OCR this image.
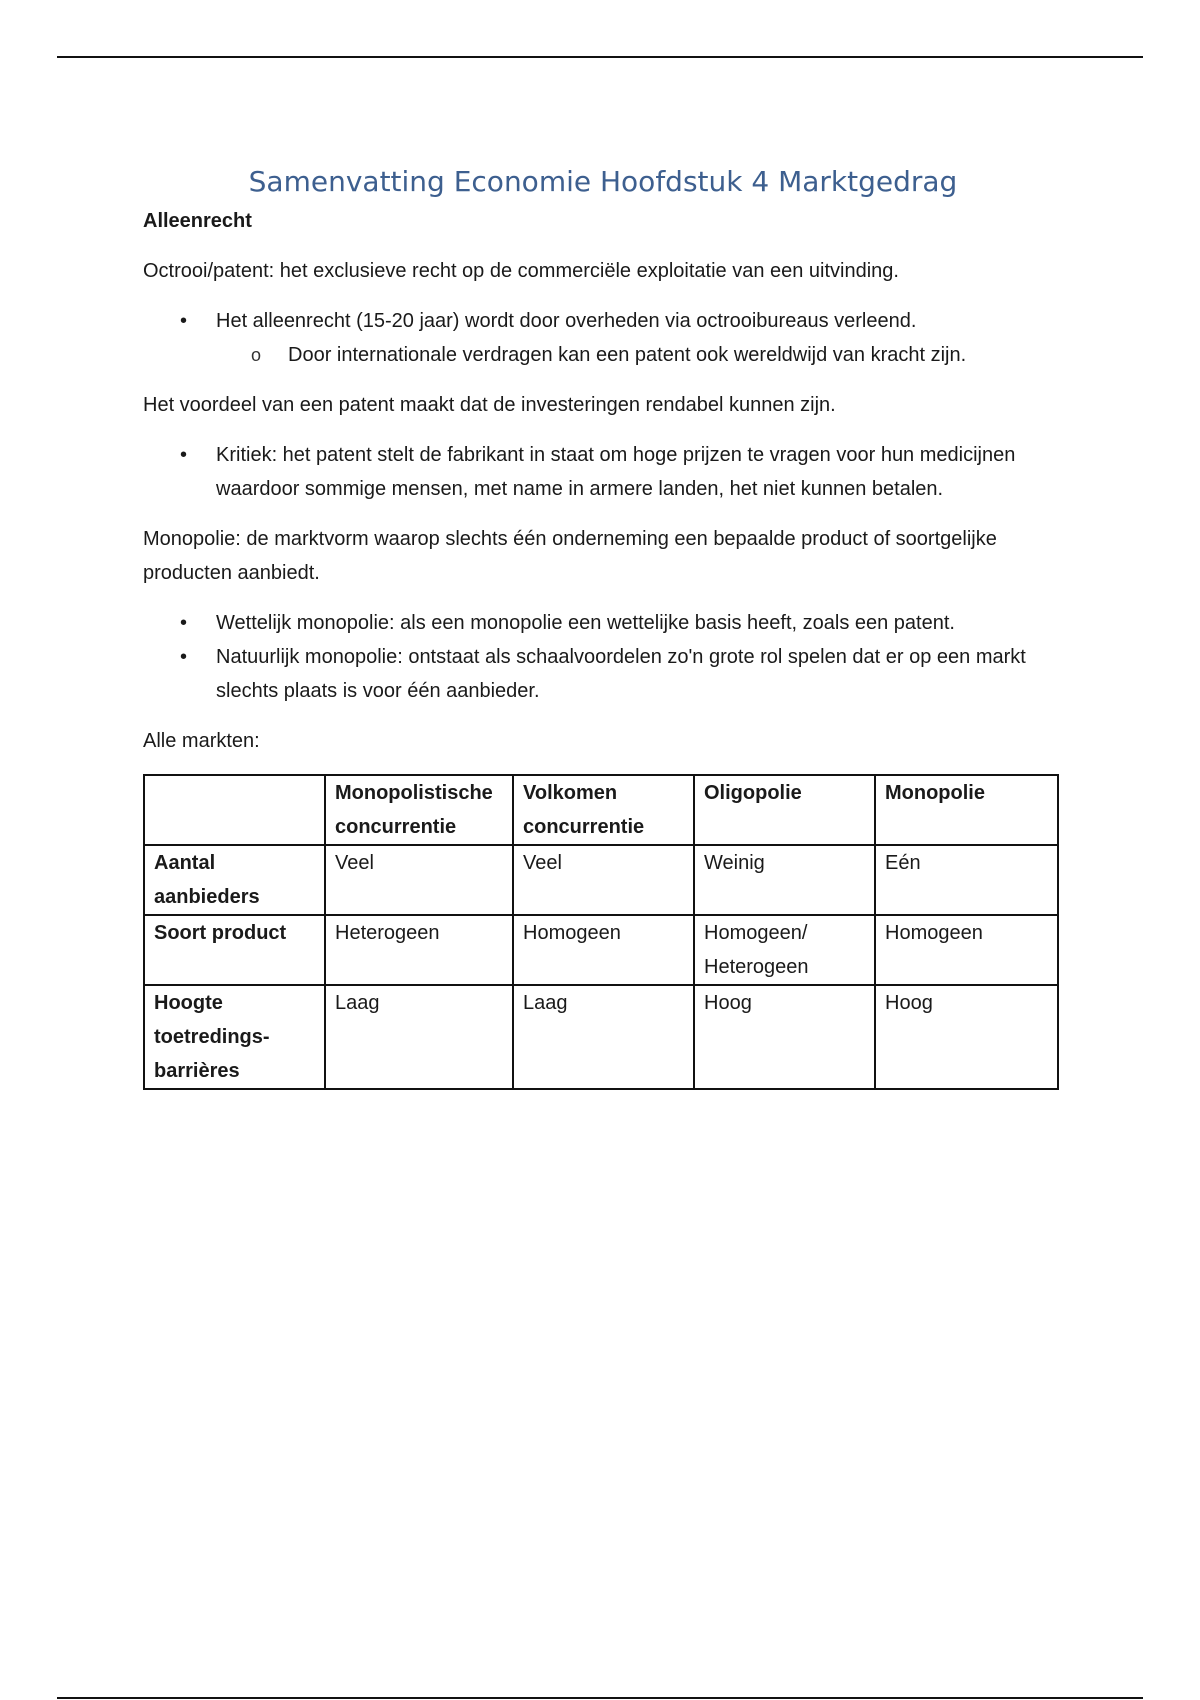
Samenvatting Economie Hoofdstuk 4 Marktgedrag
Alleenrecht

Octrooi/patent: het exclusieve recht op de commerciële exploitatie van een uitvinding.

• Het alleenrecht (15-20 jaar) wordt door overheden via octrooibureaus verleend.
o Door internationale verdragen kan een patent ook wereldwijd van kracht zijn.

Het voordeel van een patent maakt dat de investeringen rendabel kunnen zijn.

• Kritiek: het patent stelt de fabrikant in staat om hoge prijzen te vragen voor hun medicijnen waardoor sommige mensen, met name in armere landen, het niet kunnen betalen.

Monopolie: de marktvorm waarop slechts één onderneming een bepaalde product of soortgelijke producten aanbiedt.

• Wettelijk monopolie: als een monopolie een wettelijke basis heeft, zoals een patent.
• Natuurlijk monopolie: ontstaat als schaalvoordelen zo'n grote rol spelen dat er op een markt slechts plaats is voor één aanbieder.

Alle markten:

	Monopolistische concurrentie	Volkomen concurrentie	Oligopolie	Monopolie
Aantal aanbieders	Veel	Veel	Weinig	Eén
Soort product	Heterogeen	Homogeen	Homogeen/ Heterogeen	Homogeen
Hoogte toetredings-barrières	Laag	Laag	Hoog	Hoog
